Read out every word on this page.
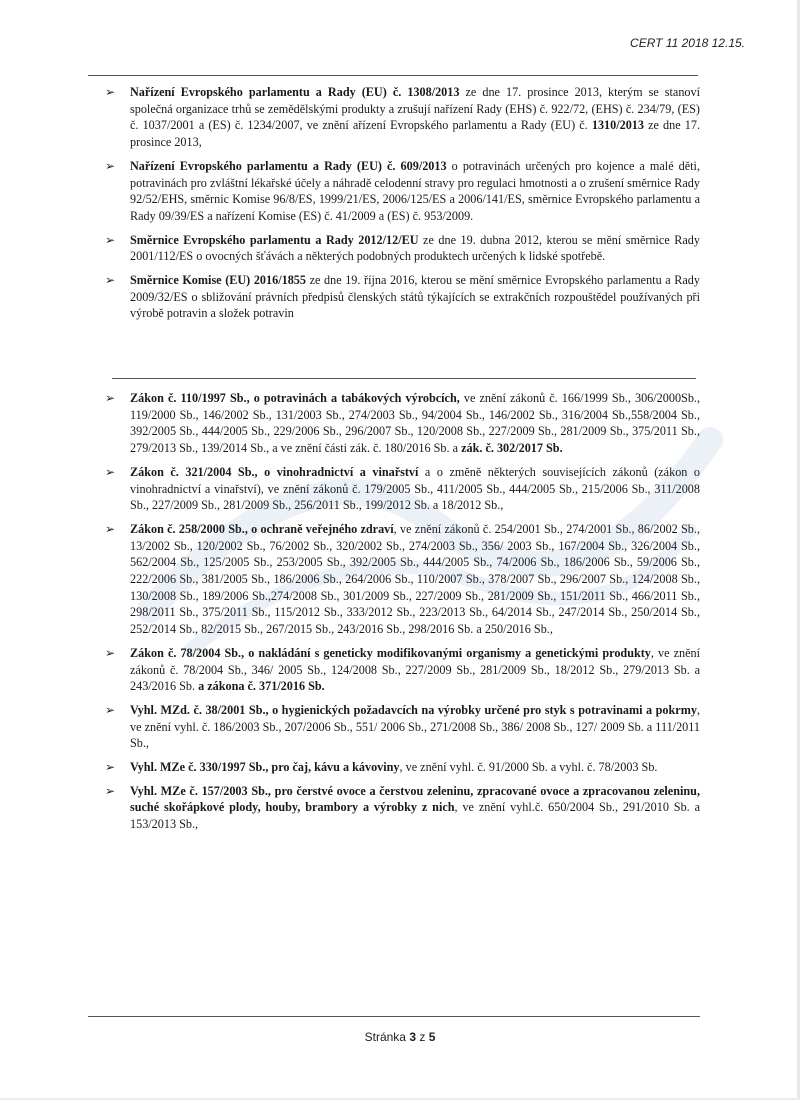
CERT 11 2018 12.15.
➢ Nařízení Evropského parlamentu a Rady (EU) č. 1308/2013 ze dne 17. prosince 2013, kterým se stanoví společná organizace trhů se zemědělskými produkty a zrušují nařízení Rady (EHS) č. 922/72, (EHS) č. 234/79, (ES) č. 1037/2001 a (ES) č. 1234/2007, ve znění ařízení Evropského parlamentu a Rady (EU) č. 1310/2013 ze dne 17. prosince 2013,
➢ Nařízení Evropského parlamentu a Rady (EU) č. 609/2013 o potravinách určených pro kojence a malé děti, potravinách pro zvláštní lékařské účely a náhradě celodenní stravy pro regulaci hmotnosti a o zrušení směrnice Rady 92/52/EHS, směrnic Komise 96/8/ES, 1999/21/ES, 2006/125/ES a 2006/141/ES, směrnice Evropského parlamentu a Rady 09/39/ES a nařízení Komise (ES) č. 41/2009 a (ES) č. 953/2009.
➢ Směrnice Evropského parlamentu a Rady 2012/12/EU ze dne 19. dubna 2012, kterou se mění směrnice Rady 2001/112/ES o ovocných šťávách a některých podobných produktech určených k lidské spotřebě.
➢ Směrnice Komise (EU) 2016/1855 ze dne 19. října 2016, kterou se mění směrnice Evropského parlamentu a Rady 2009/32/ES o sbližování právních předpisů členských států týkajících se extrakčních rozpouštědel používaných při výrobě potravin a složek potravin
➢ Zákon č. 110/1997 Sb., o potravinách a tabákových výrobcích, ve znění zákonů č. 166/1999 Sb., 306/2000Sb., 119/2000 Sb., 146/2002 Sb., 131/2003 Sb., 274/2003 Sb., 94/2004 Sb., 146/2002 Sb., 316/2004 Sb.,558/2004 Sb., 392/2005 Sb., 444/2005 Sb., 229/2006 Sb., 296/2007 Sb., 120/2008 Sb., 227/2009 Sb., 281/2009 Sb., 375/2011 Sb., 279/2013 Sb., 139/2014 Sb., a ve znění části zák. č. 180/2016 Sb. a zák. č. 302/2017 Sb.
➢ Zákon č. 321/2004 Sb., o vinohradnictví a vinařství a o změně některých souvisejících zákonů (zákon o vinohradnictví a vinařství), ve znění zákonů č. 179/2005 Sb., 411/2005 Sb., 444/2005 Sb., 215/2006 Sb., 311/2008 Sb., 227/2009 Sb., 281/2009 Sb., 256/2011 Sb., 199/2012 Sb. a 18/2012 Sb.,
➢ Zákon č. 258/2000 Sb., o ochraně veřejného zdraví, ve znění zákonů č. 254/2001 Sb., 274/2001 Sb., 86/2002 Sb., 13/2002 Sb., 120/2002 Sb., 76/2002 Sb., 320/2002 Sb., 274/2003 Sb., 356/ 2003 Sb., 167/2004 Sb., 326/2004 Sb., 562/2004 Sb., 125/2005 Sb., 253/2005 Sb., 392/2005 Sb., 444/2005 Sb., 74/2006 Sb., 186/2006 Sb., 59/2006 Sb., 222/2006 Sb., 381/2005 Sb., 186/2006 Sb., 264/2006 Sb., 110/2007 Sb., 378/2007 Sb., 296/2007 Sb., 124/2008 Sb., 130/2008 Sb., 189/2006 Sb.,274/2008 Sb., 301/2009 Sb., 227/2009 Sb., 281/2009 Sb., 151/2011 Sb., 466/2011 Sb., 298/2011 Sb., 375/2011 Sb., 115/2012 Sb., 333/2012 Sb., 223/2013 Sb., 64/2014 Sb., 247/2014 Sb., 250/2014 Sb., 252/2014 Sb., 82/2015 Sb., 267/2015 Sb., 243/2016 Sb., 298/2016 Sb. a 250/2016 Sb.,
➢ Zákon č. 78/2004 Sb., o nakládání s geneticky modifikovanými organismy a genetickými produkty, ve znění zákonů č. 78/2004 Sb., 346/ 2005 Sb., 124/2008 Sb., 227/2009 Sb., 281/2009 Sb., 18/2012 Sb., 279/2013 Sb. a 243/2016 Sb. a zákona č. 371/2016 Sb.
➢ Vyhl. MZd. č. 38/2001 Sb., o hygienických požadavcích na výrobky určené pro styk s potravinami a pokrmy, ve znění vyhl. č. 186/2003 Sb., 207/2006 Sb., 551/ 2006 Sb., 271/2008 Sb., 386/ 2008 Sb., 127/ 2009 Sb. a 111/2011 Sb.,
➢ Vyhl. MZe č. 330/1997 Sb., pro čaj, kávu a kávoviny, ve znění vyhl. č. 91/2000 Sb. a vyhl. č. 78/2003 Sb.
➢ Vyhl. MZe č. 157/2003 Sb., pro čerstvé ovoce a čerstvou zeleninu, zpracované ovoce a zpracovanou zeleninu, suché skořápkové plody, houby, brambory a výrobky z nich, ve znění vyhl.č. 650/2004 Sb., 291/2010 Sb. a 153/2013 Sb.,
Stránka 3 z 5
